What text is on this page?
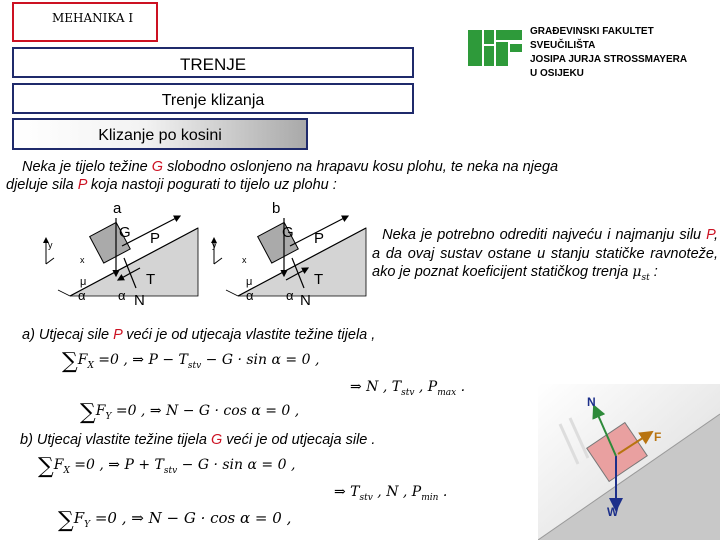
MEHANIKA I
TRENJE
Trenje klizanja
Klizanje po kosini
GRAĐEVINSKI FAKULTET
SVEUČILIŠTA
JOSIPA JURJA STROSSMAYERA
U OSIJEKU
Neka je tijelo težine G slobodno oslonjeno na hrapavu kosu plohu, te neka na njega
djeluje sila P koja nastoji pogurati to tijelo uz plohu :
a
G P
T
N
α
α
y
x
μ
b
G P
T
N
α
α
y
x
μ
Neka je potrebno odrediti najveću i najmanju silu P, a da ovaj sustav ostane u stanju statičke ravnoteže, ako je poznat koeficijent statičkog trenja $\mu_{st}$ :
a) Utjecaj sile P veći je od utjecaja vlastite težine tijela ,
$\sum F_X =0$ , ⇒ $P - T_{stv} - G \cdot \sin \alpha = 0$ ,
⇒ N , $T_{stv}$ , $P_{max}$ .
$\sum F_Y =0$ , ⇒ N − G · cos α = 0 ,
b) Utjecaj vlastite težine tijela G veći je od utjecaja sile .
$\sum F_X =0$ , ⇒ $P + T_{stv} - G \cdot \sin \alpha = 0$ ,
⇒ $T_{stv}$ , N , $P_{min}$ .
$\sum F_Y =0$ , ⇒ N − G · cos α = 0 ,
N
F
W
